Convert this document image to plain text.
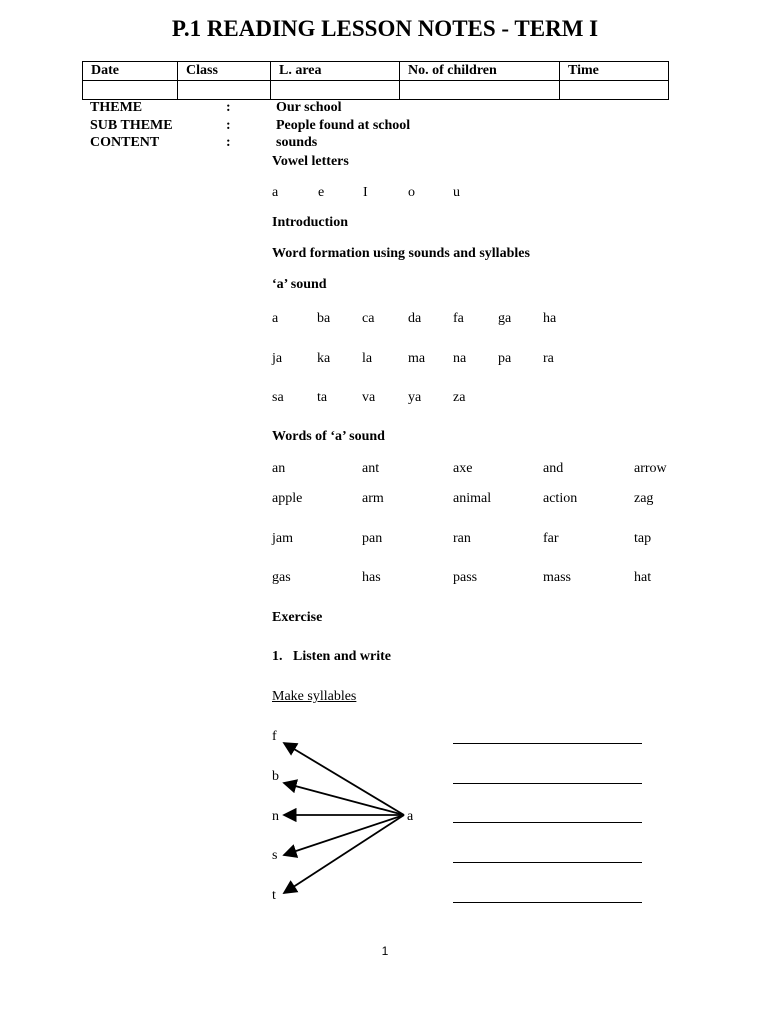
P.1 READING LESSON NOTES - TERM I
Date	Class	L. area	No. of children	Time

THEME	:	Our school
SUB THEME	:	People found at school
CONTENT	:	sounds
Vowel letters
a	e	I	o	u
Introduction
Word formation using sounds and syllables
‘a’ sound
a	ba ca da fa ga ha
ja ka la	ma na pa ra
sa ta va ya za
Words of ‘a’ sound
an	ant	axe	and	arrow
apple	arm	animal	action	zag
jam	pan	ran	far	tap
gas	has	pass	mass	hat
Exercise
1.   Listen and write
Make syllables
f
b
n
s
t
a
1
